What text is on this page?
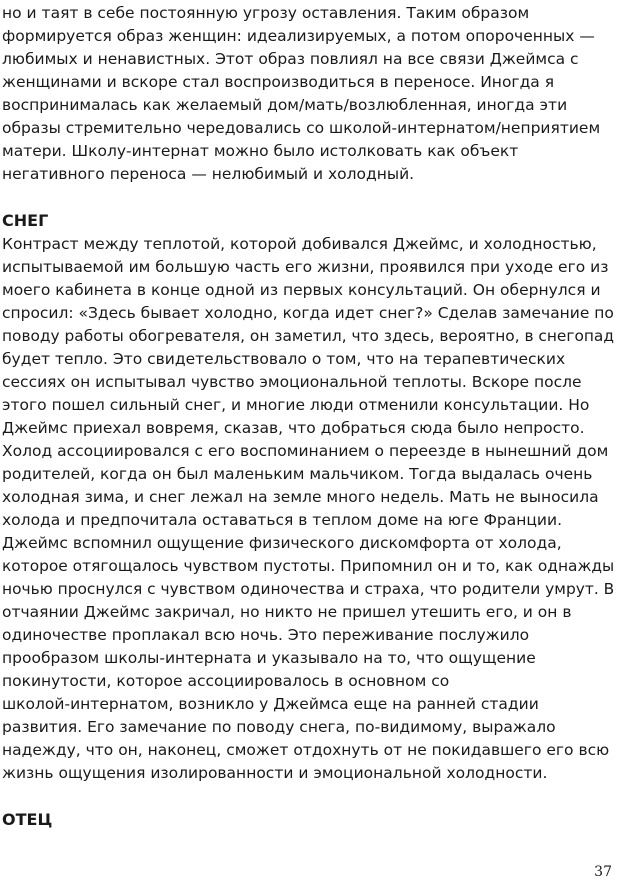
но и таят в себе постоянную угрозу оставления. Таким образом

формируется образ женщин: идеализируемых, а потом опороченных —

любимых и ненавистных. Этот образ повлиял на все связи Джеймса с

женщинами и вскоре стал воспроизводиться в переносе. Иногда я

воспринималась как желаемый дом/мать/возлюбленная, иногда эти

образы стремительно чередовались со школой-интернатом/неприятием

матери. Школу-интернат можно было истолковать как объект

негативного переноса — нелюбимый и холодный.

СНЕГ

Контраст между теплотой, которой добивался Джеймс, и холодностью,

испытываемой им большую часть его жизни, проявился при уходе его из

моего кабинета в конце одной из первых консультаций. Он обернулся и

спросил: «Здесь бывает холодно, когда идет снег?» Сделав замечание по

поводу работы обогревателя, он заметил, что здесь, вероятно, в снегопад

будет тепло. Это свидетельствовало о том, что на терапевтических

сессиях он испытывал чувство эмоциональной теплоты. Вскоре после

этого пошел сильный снег, и многие люди отменили консультации. Но

Джеймс приехал вовремя, сказав, что добраться сюда было непросто.

Холод ассоциировался с его воспоминанием о переезде в нынешний дом

родителей, когда он был маленьким мальчиком. Тогда выдалась очень

холодная зима, и снег лежал на земле много недель. Мать не выносила

холода и предпочитала оставаться в теплом доме на юге Франции.

Джеймс вспомнил ощущение физического дискомфорта от холода,

которое отягощалось чувством пустоты. Припомнил он и то, как однажды

ночью проснулся с чувством одиночества и страха, что родители умрут. В

отчаянии Джеймс закричал, но никто не пришел утешить его, и он в

одиночестве проплакал всю ночь. Это переживание послужило

прообразом школы-интерната и указывало на то, что ощущение

покинутости, которое ассоциировалось в основном со

школой-интернатом, возникло у Джеймса еще на ранней стадии

развития. Его замечание по поводу снега, по-видимому, выражало

надежду, что он, наконец, сможет отдохнуть от не покидавшего его всю

жизнь ощущения изолированности и эмоциональной холодности.

ОТЕЦ
37
